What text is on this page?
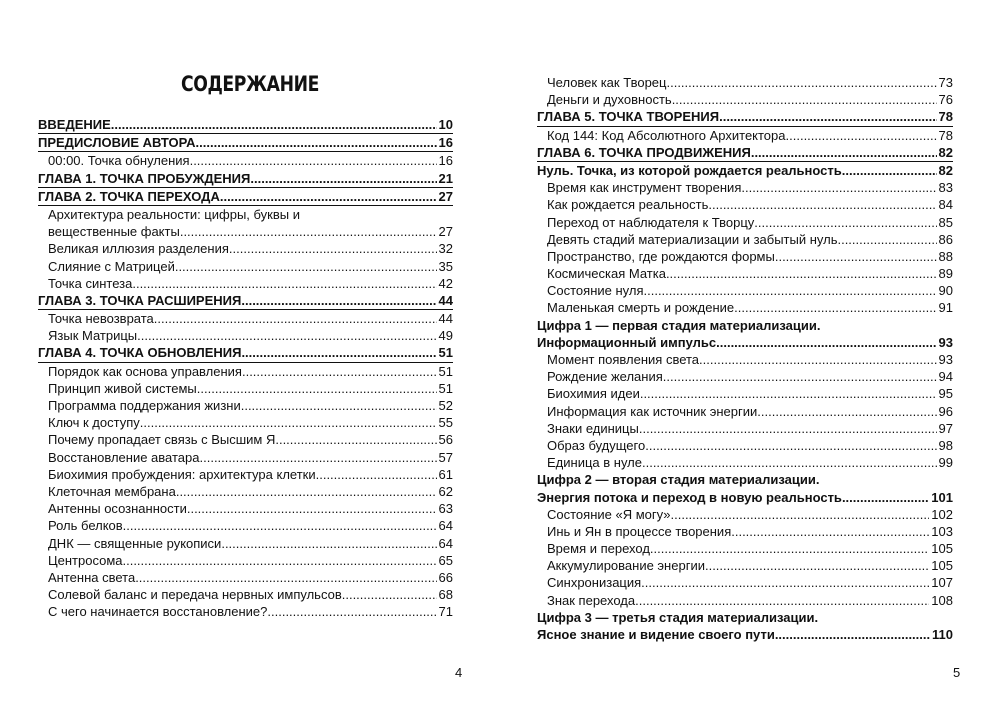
СОДЕРЖАНИЕ
ВВЕДЕНИЕ .....	10
ПРЕДИСЛОВИЕ АВТОРА .....	16
00:00. Точка обнуления .....	16
ГЛАВА 1. ТОЧКА ПРОБУЖДЕНИЯ .....	21
ГЛАВА 2. ТОЧКА ПЕРЕХОДА .....	27
Архитектура реальности: цифры, буквы и
вещественные факты .....	27
Великая иллюзия разделения .....	32
Слияние с Матрицей .....	35
Точка синтеза .....	42
ГЛАВА 3. ТОЧКА РАСШИРЕНИЯ .....	44
Точка невозврата .....	44
Язык Матрицы .....	49
ГЛАВА 4. ТОЧКА ОБНОВЛЕНИЯ .....	51
Порядок как основа управления .....	51
Принцип живой системы .....	51
Программа поддержания жизни .....	52
Ключ к доступу .....	55
Почему пропадает связь с Высшим Я .....	56
Восстановление аватара .....	57
Биохимия пробуждения: архитектура клетки .....	61
Клеточная мембрана .....	62
Антенны осознанности .....	63
Роль белков .....	64
ДНК — священные рукописи .....	64
Центросома .....	65
Антенна света .....	66
Солевой баланс и передача нервных импульсов .....	68
С чего начинается восстановление? .....	71
4
Человек как Творец .....	73
Деньги и духовность .....	76
ГЛАВА 5. ТОЧКА ТВОРЕНИЯ .....	78
Код 144: Код Абсолютного Архитектора .....	78
ГЛАВА 6. ТОЧКА ПРОДВИЖЕНИЯ .....	82
Нуль. Точка, из которой рождается реальность .....	82
Время как инструмент творения .....	83
Как рождается реальность .....	84
Переход от наблюдателя к Творцу .....	85
Девять стадий материализации и забытый нуль .....	86
Пространство, где рождаются формы .....	88
Космическая Матка .....	89
Состояние нуля .....	90
Маленькая смерть и рождение .....	91
Цифра 1 — первая стадия материализации.
Информационный импульс .....	93
Момент появления света .....	93
Рождение желания .....	94
Биохимия идеи .....	95
Информация как источник энергии .....	96
Знаки единицы .....	97
Образ будущего .....	98
Единица в нуле .....	99
Цифра 2 — вторая стадия материализации.
Энергия потока и переход в новую реальность .....	101
Состояние «Я могу» .....	102
Инь и Ян в процессе творения .....	103
Время и переход .....	105
Аккумулирование энергии .....	105
Синхронизация .....	107
Знак перехода .....	108
Цифра 3 — третья стадия материализации.
Ясное знание и видение своего пути .....	110
5
